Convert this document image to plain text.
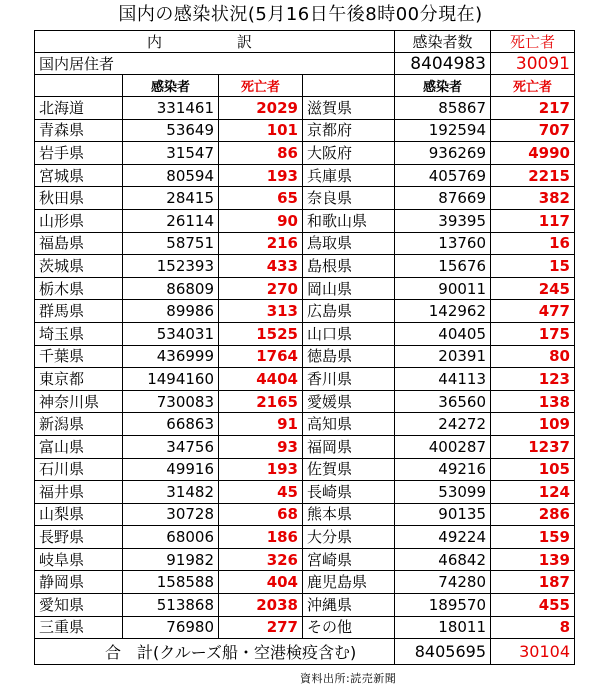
国内の感染状況(5月16日午後8時00分現在)
内　訳				感染者数	死亡者
国内居住者				8404983	30091
	感染者	死亡者		感染者	死亡者
北海道	331461	2029	滋賀県	85867	217
青森県	53649	101	京都府	192594	707
岩手県	31547	86	大阪府	936269	4990
宮城県	80594	193	兵庫県	405769	2215
秋田県	28415	65	奈良県	87669	382
山形県	26114	90	和歌山県	39395	117
福島県	58751	216	鳥取県	13760	16
茨城県	152393	433	島根県	15676	15
栃木県	86809	270	岡山県	90011	245
群馬県	89986	313	広島県	142962	477
埼玉県	534031	1525	山口県	40405	175
千葉県	436999	1764	徳島県	20391	80
東京都	1494160	4404	香川県	44113	123
神奈川県	730083	2165	愛媛県	36560	138
新潟県	66863	91	高知県	24272	109
富山県	34756	93	福岡県	400287	1237
石川県	49916	193	佐賀県	49216	105
福井県	31482	45	長崎県	53099	124
山梨県	30728	68	熊本県	90135	286
長野県	68006	186	大分県	49224	159
岐阜県	91982	326	宮崎県	46842	139
静岡県	158588	404	鹿児島県	74280	187
愛知県	513868	2038	沖縄県	189570	455
三重県	76980	277	その他	18011	8
合　計(クルーズ船・空港検疫含む)				8405695	30104
資料出所:読売新聞
